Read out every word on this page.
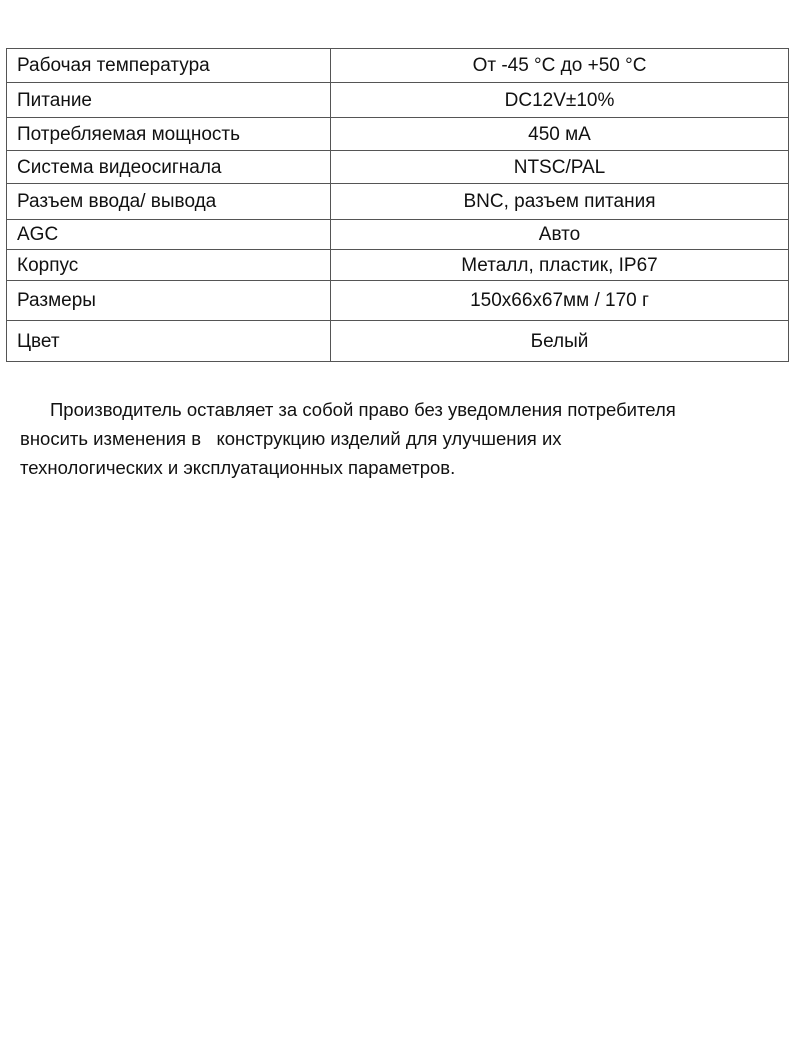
Рабочая температура	От -45 °C до +50 °C
Питание	DC12V±10%
Потребляемая мощность	450 мА
Система видеосигнала	NTSC/PAL
Разъем ввода/ вывода	BNC, разъем питания
AGC	Авто
Корпус	Металл, пластик, IP67
Размеры	150х66х67мм / 170 г
Цвет	Белый

Производитель оставляет за собой право без уведомления потребителя
вносить изменения в   конструкцию изделий для улучшения их
технологических и эксплуатационных параметров.
